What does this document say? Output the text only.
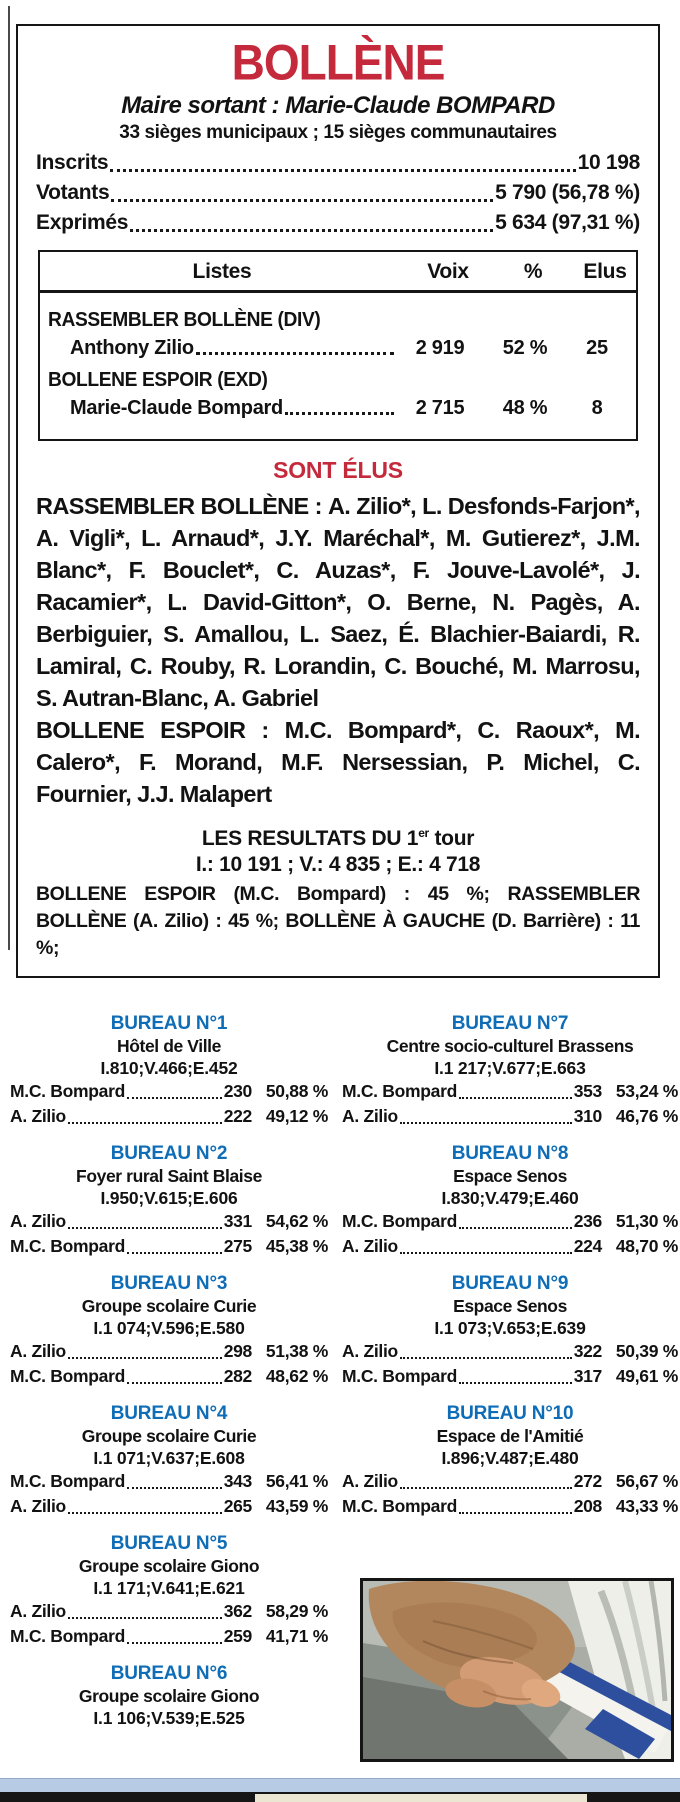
BOLLÈNE
Maire sortant : Marie-Claude BOMPARD
33 sièges municipaux ; 15 sièges communautaires
Inscrits	10 198
Votants	5 790 (56,78 %)
Exprimés	5 634 (97,31 %)
Listes	Voix	%	Elus
RASSEMBLER BOLLÈNE (DIV)
Anthony Zilio	2 919	52 %	25
BOLLENE ESPOIR (EXD)
Marie-Claude Bompard	2 715	48 %	8
SONT ÉLUS

RASSEMBLER BOLLÈNE : A. Zilio*, L. Desfonds-Farjon*, A. Vigli*, L. Arnaud*, J.Y. Maréchal*, M. Gutierez*, J.M. Blanc*, F. Bouclet*, C. Auzas*, F. Jouve-Lavolé*, J. Racamier*, L. David-Gitton*, O. Berne, N. Pagès, A. Berbiguier, S. Amallou, L. Saez, É. Blachier-Baiardi, R. Lamiral, C. Rouby, R. Lorandin, C. Bouché, M. Marrosu, S. Autran-Blanc, A. Gabriel
BOLLENE ESPOIR : M.C. Bompard*, C. Raoux*, M. Calero*, F. Morand, M.F. Nersessian, P. Michel, C. Fournier, J.J. Malapert

LES RESULTATS DU 1er tour
I.: 10 191 ; V.: 4 835 ; E.: 4 718
BOLLENE ESPOIR (M.C. Bompard) : 45 %; RASSEMBLER BOLLÈNE (A. Zilio) : 45 %; BOLLÈNE À GAUCHE (D. Barrière) : 11 %;
BUREAU N°1
Hôtel de Ville
I.810;V.466;E.452
M.C. Bompard	230 50,88 %
A. Zilio	222 49,12 %
BUREAU N°2
Foyer rural Saint Blaise
I.950;V.615;E.606
A. Zilio	331 54,62 %
M.C. Bompard	275 45,38 %
BUREAU N°3
Groupe scolaire Curie
I.1 074;V.596;E.580
A. Zilio	298 51,38 %
M.C. Bompard	282 48,62 %
BUREAU N°4
Groupe scolaire Curie
I.1 071;V.637;E.608
M.C. Bompard	343 56,41 %
A. Zilio	265 43,59 %
BUREAU N°5
Groupe scolaire Giono
I.1 171;V.641;E.621
A. Zilio	362 58,29 %
M.C. Bompard	259 41,71 %
BUREAU N°6
Groupe scolaire Giono
I.1 106;V.539;E.525
BUREAU N°7
Centre socio-culturel Brassens
I.1 217;V.677;E.663
M.C. Bompard	353 53,24 %
A. Zilio	310 46,76 %
BUREAU N°8
Espace Senos
I.830;V.479;E.460
M.C. Bompard	236 51,30 %
A. Zilio	224 48,70 %
BUREAU N°9
Espace Senos
I.1 073;V.653;E.639
A. Zilio	322 50,39 %
M.C. Bompard	317 49,61 %
BUREAU N°10
Espace de l'Amitié
I.896;V.487;E.480
A. Zilio	272 56,67 %
M.C. Bompard	208 43,33 %
